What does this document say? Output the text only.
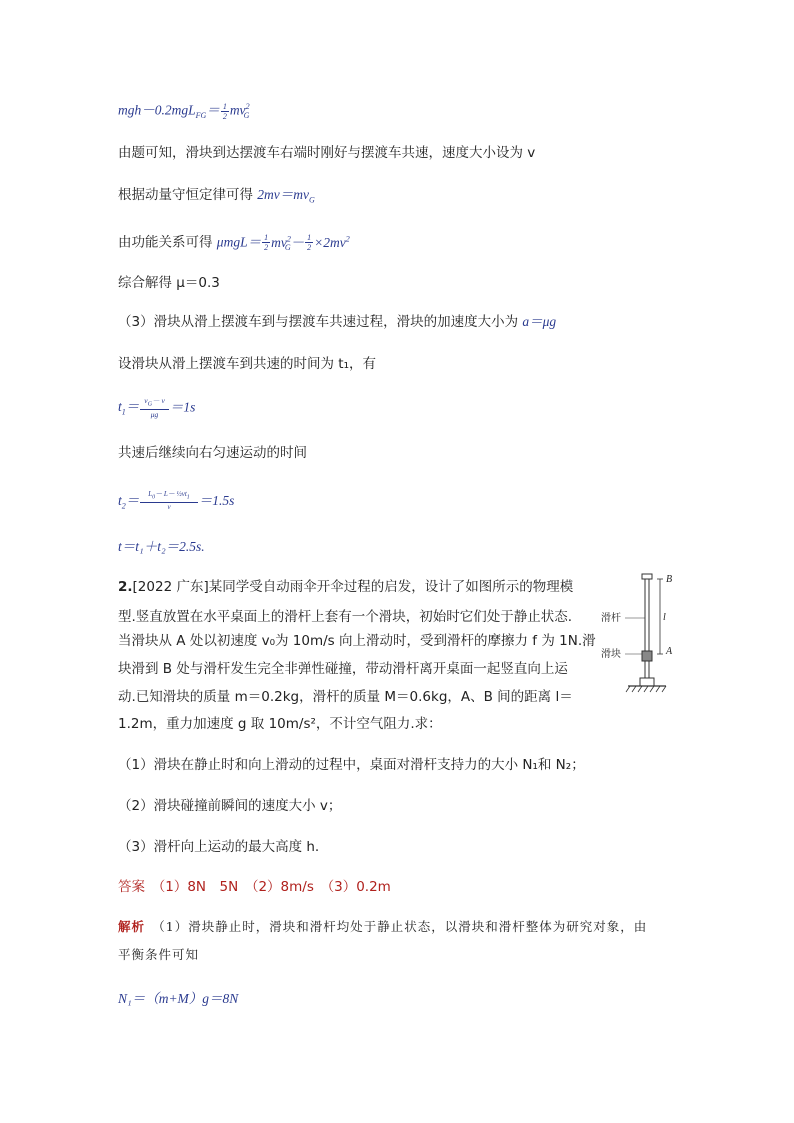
$mgh-0.2mgL_{FG}= \frac{1}{2} mv^2_G$
由题可知，滑块到达摆渡车右端时刚好与摆渡车共速，速度大小设为 v
根据动量守恒定律可得 $2mv=mv_G$
由功能关系可得 $\mu mgL= \frac{1}{2} mv^2_G- \frac{1}{2} \times 2mv^2$
综合解得 μ＝0.3
（3）滑块从滑上摆渡车到与摆渡车共速过程，滑块的加速度大小为 a＝μg
设滑块从滑上摆渡车到共速的时间为 t₁，有
$t_1= \frac{v_G- v}{\mu g} =1s$
共速后继续向右匀速运动的时间
$t_2= \frac{L_0- L- \frac{1}{2}vt_1}{v} =1.5s$
t＝t₁＋t₂＝2.5s.
2.[2022 广东]某同学受自动雨伞开伞过程的启发，设计了如图所示的物理模
型.竖直放置在水平桌面上的滑杆上套有一个滑块，初始时它们处于静止状态.
当滑块从 A 处以初速度 v₀为 10m/s 向上滑动时，受到滑杆的摩擦力 f 为 1N.滑
块滑到 B 处与滑杆发生完全非弹性碰撞，带动滑杆离开桌面一起竖直向上运
动.已知滑块的质量 m＝0.2kg，滑杆的质量 M＝0.6kg，A、B 间的距离 l＝
1.2m，重力加速度 g 取 10m/s²，不计空气阻力.求：
（1）滑块在静止时和向上滑动的过程中，桌面对滑杆支持力的大小 N₁和 N₂；
（2）滑块碰撞前瞬间的速度大小 v；
（3）滑杆向上运动的最大高度 h.
答案　 （1）8N　5N　（2）8m/s　（3）0.2m
解析　 （1）滑块静止时，滑块和滑杆均处于静止状态，以滑块和滑杆整体为研究对象，由
平衡条件可知
N₁＝（m+M）g＝8N
滑杆
滑块
B
A
l
